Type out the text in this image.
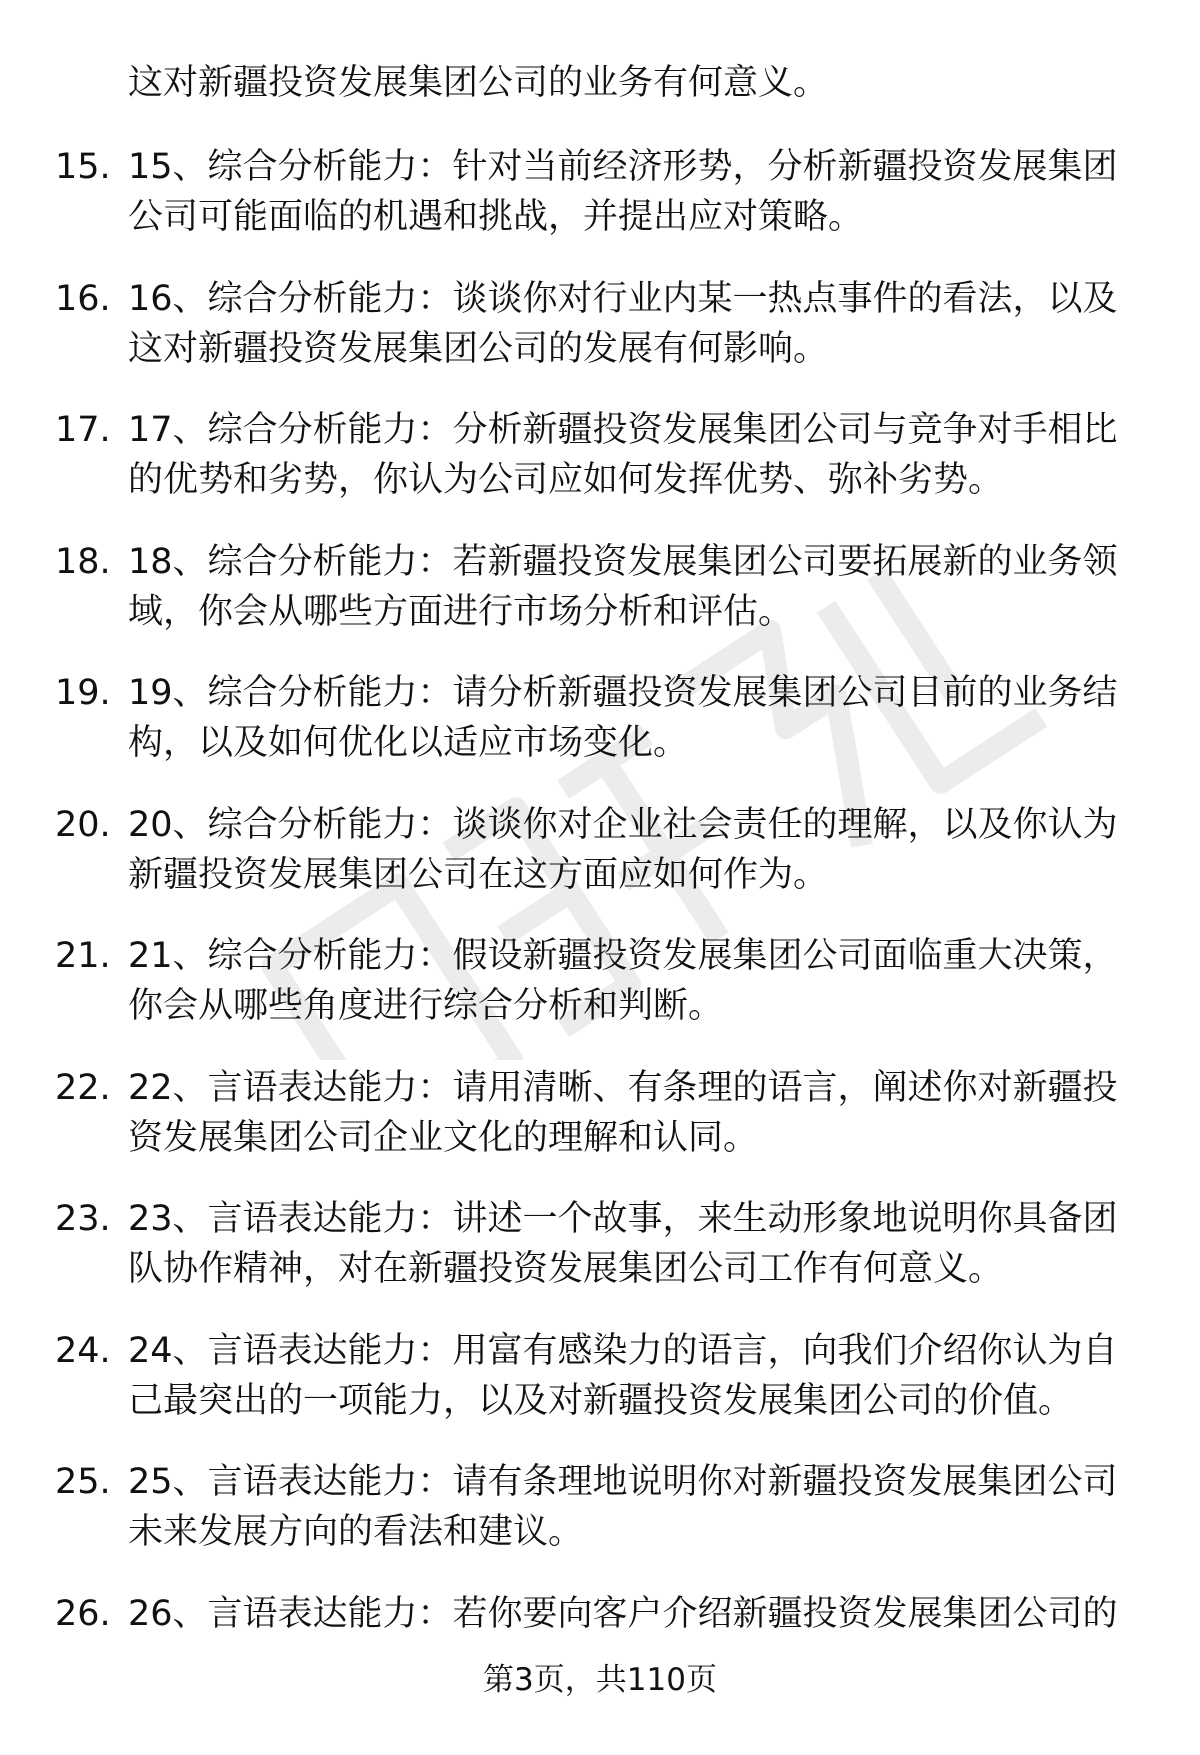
这对新疆投资发展集团公司的业务有何意义。

15. 15、综合分析能力：针对当前经济形势，分析新疆投资发展集团公司可能面临的机遇和挑战，并提出应对策略。
16. 16、综合分析能力：谈谈你对行业内某一热点事件的看法，以及这对新疆投资发展集团公司的发展有何影响。
17. 17、综合分析能力：分析新疆投资发展集团公司与竞争对手相比的优势和劣势，你认为公司应如何发挥优势、弥补劣势。
18. 18、综合分析能力：若新疆投资发展集团公司要拓展新的业务领域，你会从哪些方面进行市场分析和评估。
19. 19、综合分析能力：请分析新疆投资发展集团公司目前的业务结构，以及如何优化以适应市场变化。
20. 20、综合分析能力：谈谈你对企业社会责任的理解，以及你认为新疆投资发展集团公司在这方面应如何作为。
21. 21、综合分析能力：假设新疆投资发展集团公司面临重大决策，你会从哪些角度进行综合分析和判断。
22. 22、言语表达能力：请用清晰、有条理的语言，阐述你对新疆投资发展集团公司企业文化的理解和认同。
23. 23、言语表达能力：讲述一个故事，来生动形象地说明你具备团队协作精神，对在新疆投资发展集团公司工作有何意义。
24. 24、言语表达能力：用富有感染力的语言，向我们介绍你认为自己最突出的一项能力，以及对新疆投资发展集团公司的价值。
25. 25、言语表达能力：请有条理地说明你对新疆投资发展集团公司未来发展方向的看法和建议。
26. 26、言语表达能力：若你要向客户介绍新疆投资发展集团公司的
第3页，共110页
